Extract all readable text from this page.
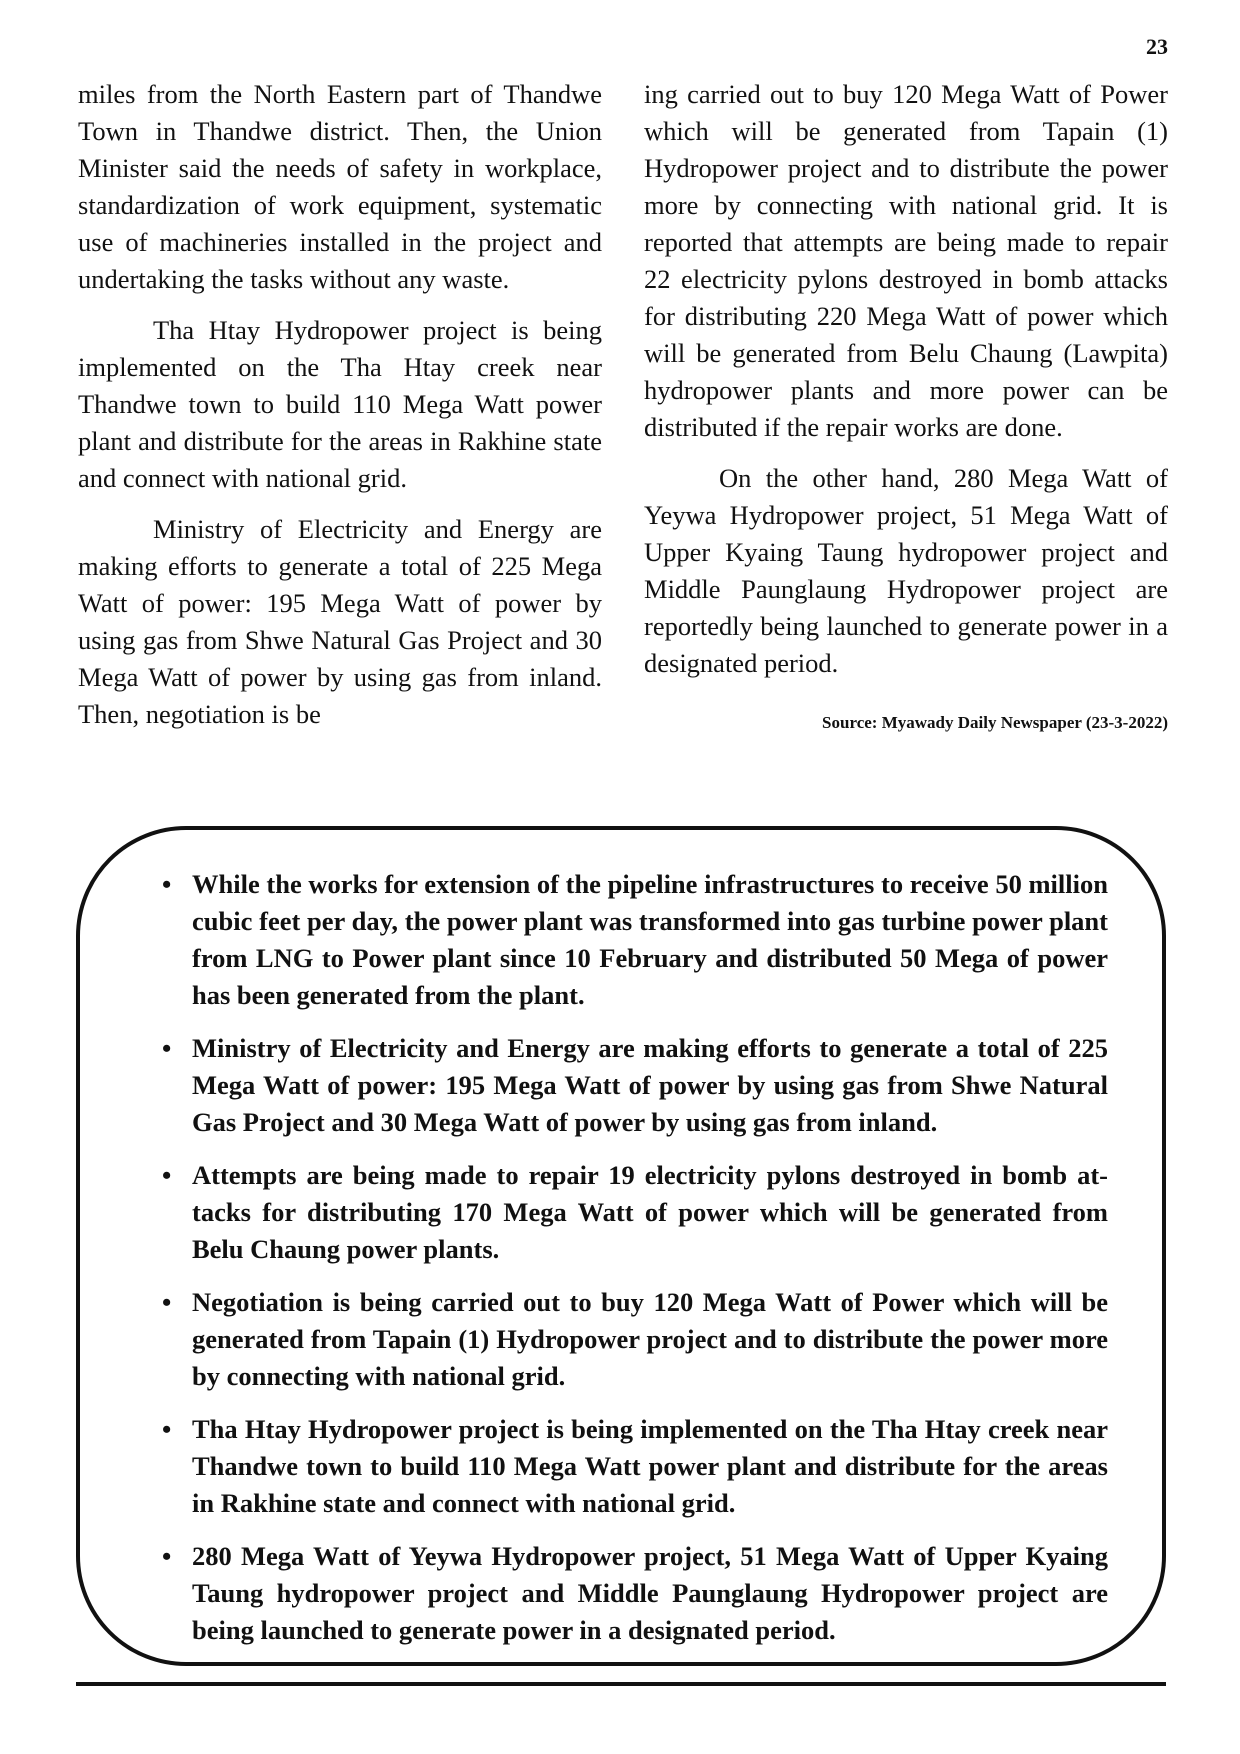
23

miles from the North Eastern part of Thandwe Town in Thandwe district. Then, the Union Minister said the needs of safety in workplace, standardization of work equipment, systematic use of machineries installed in the project and undertaking the tasks without any waste.

Tha Htay Hydropower project is being implemented on the Tha Htay creek near Thandwe town to build 110 Mega Watt power plant and distribute for the areas in Rakhine state and connect with national grid.

Ministry of Electricity and Energy are making efforts to generate a total of 225 Mega Watt of power: 195 Mega Watt of power by using gas from Shwe Natural Gas Project and 30 Mega Watt of power by using gas from inland. Then, negotiation is be

ing carried out to buy 120 Mega Watt of Power which will be generated from Tapain (1) Hydropower project and to distribute the power more by connecting with national grid. It is reported that attempts are being made to repair 22 electricity pylons destroyed in bomb attacks for distributing 220 Mega Watt of power which will be generated from Belu Chaung (Lawpita) hydropower plants and more power can be distributed if the repair works are done.

On the other hand, 280 Mega Watt of Yeywa Hydropower project, 51 Mega Watt of Upper Kyaing Taung hydropower project and Middle Paunglaung Hydropower project are reportedly being launched to generate power in a designated period.

Source: Myawady Daily Newspaper (23-3-2022)
• While the works for extension of the pipeline infrastructures to receive 50 million cubic feet per day, the power plant was transformed into gas turbine power plant from LNG to Power plant since 10 February and distributed 50 Mega of power has been generated from the plant.
• Ministry of Electricity and Energy are making efforts to generate a total of 225 Mega Watt of power: 195 Mega Watt of power by using gas from Shwe Natural Gas Project and 30 Mega Watt of power by using gas from inland.
• Attempts are being made to repair 19 electricity pylons destroyed in bomb attacks for distributing 170 Mega Watt of power which will be generated from Belu Chaung power plants.
• Negotiation is being carried out to buy 120 Mega Watt of Power which will be generated from Tapain (1) Hydropower project and to distribute the power more by connecting with national grid.
• Tha Htay Hydropower project is being implemented on the Tha Htay creek near Thandwe town to build 110 Mega Watt power plant and distribute for the areas in Rakhine state and connect with national grid.
• 280 Mega Watt of Yeywa Hydropower project, 51 Mega Watt of Upper Kyaing Taung hydropower project and Middle Paunglaung Hydropower project are being launched to generate power in a designated period.
